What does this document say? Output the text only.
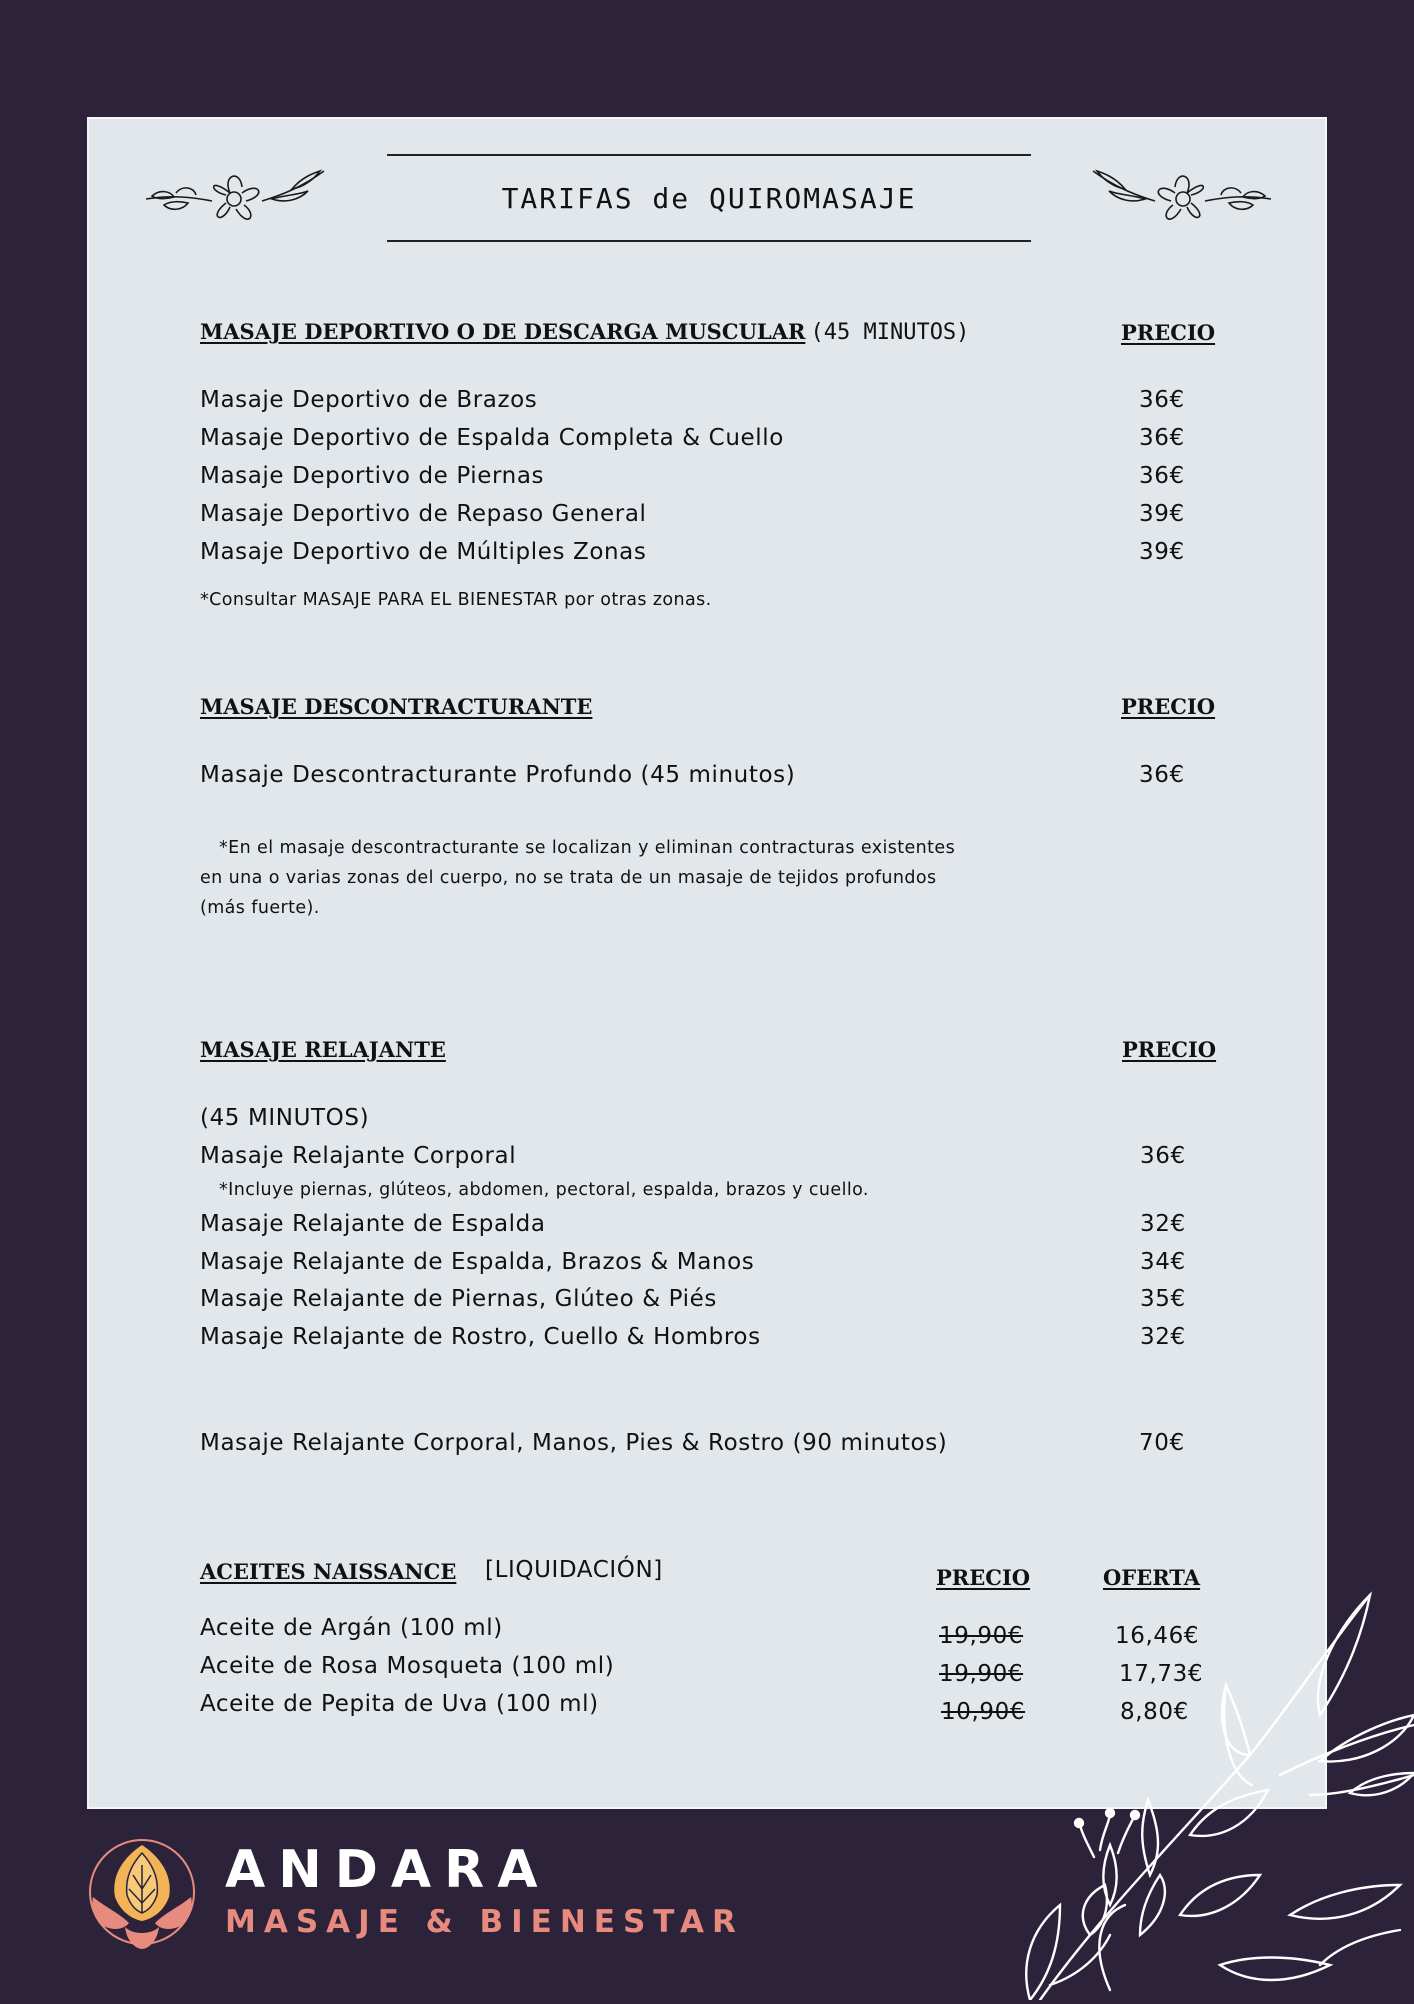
TARIFAS de QUIROMASAJE
MASAJE DEPORTIVO O DE DESCARGA MUSCULAR (45 MINUTOS)	PRECIO
Masaje Deportivo de Brazos	36€
Masaje Deportivo de Espalda Completa & Cuello	36€
Masaje Deportivo de Piernas	36€
Masaje Deportivo de Repaso General	39€
Masaje Deportivo de Múltiples Zonas	39€
*Consultar MASAJE PARA EL BIENESTAR por otras zonas.
MASAJE DESCONTRACTURANTE	PRECIO
Masaje Descontracturante Profundo (45 minutos)	36€
*En el masaje descontracturante se localizan y eliminan contracturas existentes
en una o varias zonas del cuerpo, no se trata de un masaje de tejidos profundos
(más fuerte).
MASAJE RELAJANTE	PRECIO
(45 MINUTOS)
Masaje Relajante Corporal	36€
*Incluye piernas, glúteos, abdomen, pectoral, espalda, brazos y cuello.
Masaje Relajante de Espalda	32€
Masaje Relajante de Espalda, Brazos & Manos	34€
Masaje Relajante de Piernas, Glúteo & Piés	35€
Masaje Relajante de Rostro, Cuello & Hombros	32€
Masaje Relajante Corporal, Manos, Pies & Rostro (90 minutos)	70€
ACEITES NAISSANCE [LIQUIDACIÓN]	PRECIO	OFERTA
Aceite de Argán (100 ml)	19,90€	16,46€
Aceite de Rosa Mosqueta (100 ml)	19,90€	17,73€
Aceite de Pepita de Uva (100 ml)	10,90€	8,80€
ANDARA
MASAJE & BIENESTAR
